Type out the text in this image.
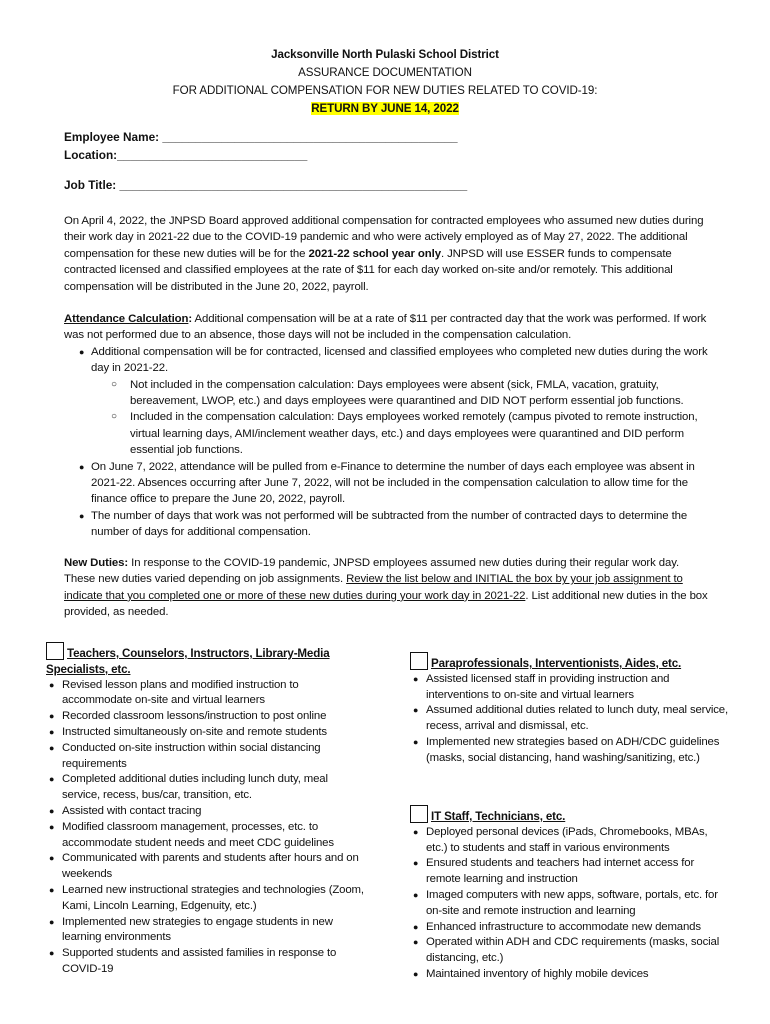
Jacksonville North Pulaski School District
ASSURANCE DOCUMENTATION
FOR ADDITIONAL COMPENSATION FOR NEW DUTIES RELATED TO COVID-19:
RETURN BY JUNE 14, 2022
Employee Name: _____________________________________________
Location:_____________________________
Job Title: _____________________________________________________
On April 4, 2022, the JNPSD Board approved additional compensation for contracted employees who assumed new duties during their work day in 2021-22 due to the COVID-19 pandemic and who were actively employed as of May 27, 2022. The additional compensation for these new duties will be for the 2021-22 school year only. JNPSD will use ESSER funds to compensate contracted licensed and classified employees at the rate of $11 for each day worked on-site and/or remotely. This additional compensation will be distributed in the June 20, 2022, payroll.
Attendance Calculation: Additional compensation will be at a rate of $11 per contracted day that the work was performed. If work was not performed due to an absence, those days will not be included in the compensation calculation.
● Additional compensation will be for contracted, licensed and classified employees who completed new duties during the work day in 2021-22.
○ Not included in the compensation calculation: Days employees were absent (sick, FMLA, vacation, gratuity, bereavement, LWOP, etc.) and days employees were quarantined and DID NOT perform essential job functions.
○ Included in the compensation calculation: Days employees worked remotely (campus pivoted to remote instruction, virtual learning days, AMI/inclement weather days, etc.) and days employees were quarantined and DID perform essential job functions.
● On June 7, 2022, attendance will be pulled from e-Finance to determine the number of days each employee was absent in 2021-22. Absences occurring after June 7, 2022, will not be included in the compensation calculation to allow time for the finance office to prepare the June 20, 2022, payroll.
● The number of days that work was not performed will be subtracted from the number of contracted days to determine the number of days for additional compensation.
New Duties: In response to the COVID-19 pandemic, JNPSD employees assumed new duties during their regular work day. These new duties varied depending on job assignments. Review the list below and INITIAL the box by your job assignment to indicate that you completed one or more of these new duties during your work day in 2021-22. List additional new duties in the box provided, as needed.
Teachers, Counselors, Instructors, Library-Media Specialists, etc.
● Revised lesson plans and modified instruction to accommodate on-site and virtual learners
● Recorded classroom lessons/instruction to post online
● Instructed simultaneously on-site and remote students
● Conducted on-site instruction within social distancing requirements
● Completed additional duties including lunch duty, meal service, recess, bus/car, transition, etc.
● Assisted with contact tracing
● Modified classroom management, processes, etc. to accommodate student needs and meet CDC guidelines
● Communicated with parents and students after hours and on weekends
● Learned new instructional strategies and technologies (Zoom, Kami, Lincoln Learning, Edgenuity, etc.)
● Implemented new strategies to engage students in new learning environments
● Supported students and assisted families in response to COVID-19
Paraprofessionals, Interventionists, Aides, etc.
● Assisted licensed staff in providing instruction and interventions to on-site and virtual learners
● Assumed additional duties related to lunch duty, meal service, recess, arrival and dismissal, etc.
● Implemented new strategies based on ADH/CDC guidelines (masks, social distancing, hand washing/sanitizing, etc.)
IT Staff, Technicians, etc.
● Deployed personal devices (iPads, Chromebooks, MBAs, etc.) to students and staff in various environments
● Ensured students and teachers had internet access for remote learning and instruction
● Imaged computers with new apps, software, portals, etc. for on-site and remote instruction and learning
● Enhanced infrastructure to accommodate new demands
● Operated within ADH and CDC requirements (masks, social distancing, etc.)
● Maintained inventory of highly mobile devices
